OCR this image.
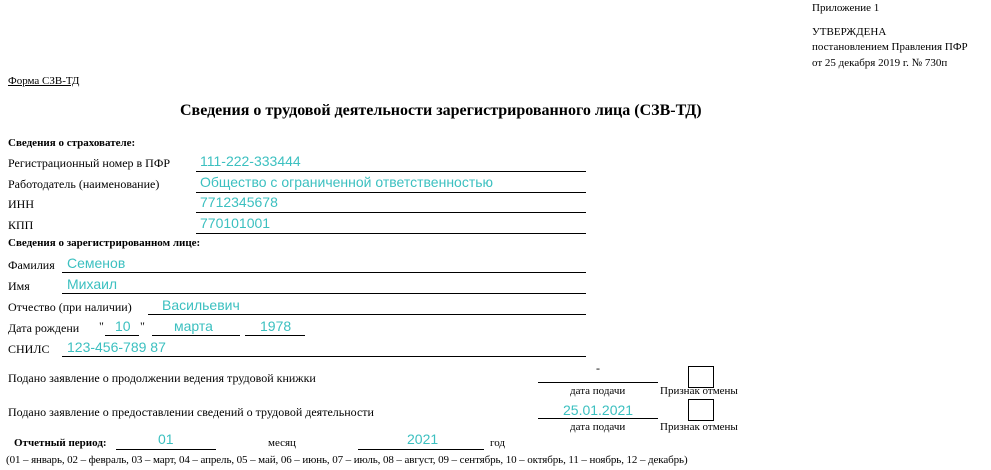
Приложение 1
УТВЕРЖДЕНА
постановлением Правления ПФР
от 25 декабря 2019 г. № 730п
Форма СЗВ-ТД
Сведения о трудовой деятельности зарегистрированного лица (СЗВ-ТД)
Сведения о страхователе:
Регистрационный номер в ПФР 111-222-333444
Работодатель (наименование)	Общество с ограниченной ответственностью
ИНН	7712345678
КПП	770101001
Сведения о зарегистрированном лице:
Фамилия Семенов
Имя	Михаил
Отчество (при наличии) Васильевич
Дата рождени " 10 " марта	1978
СНИЛС 123-456-789 87
Подано заявление о продолжении ведения трудовой книжки
-
дата подачи	Признак отмены
Подано заявление о предоставлении сведений о трудовой деятельности	25.01.2021
дата подачи	Признак отмены
Отчетный период:	01	месяц	2021	год
(01 – январь, 02 – февраль, 03 – март, 04 – апрель, 05 – май, 06 – июнь, 07 – июль, 08 – август, 09 – сентябрь, 10 – октябрь, 11 – ноябрь, 12 – декабрь)
